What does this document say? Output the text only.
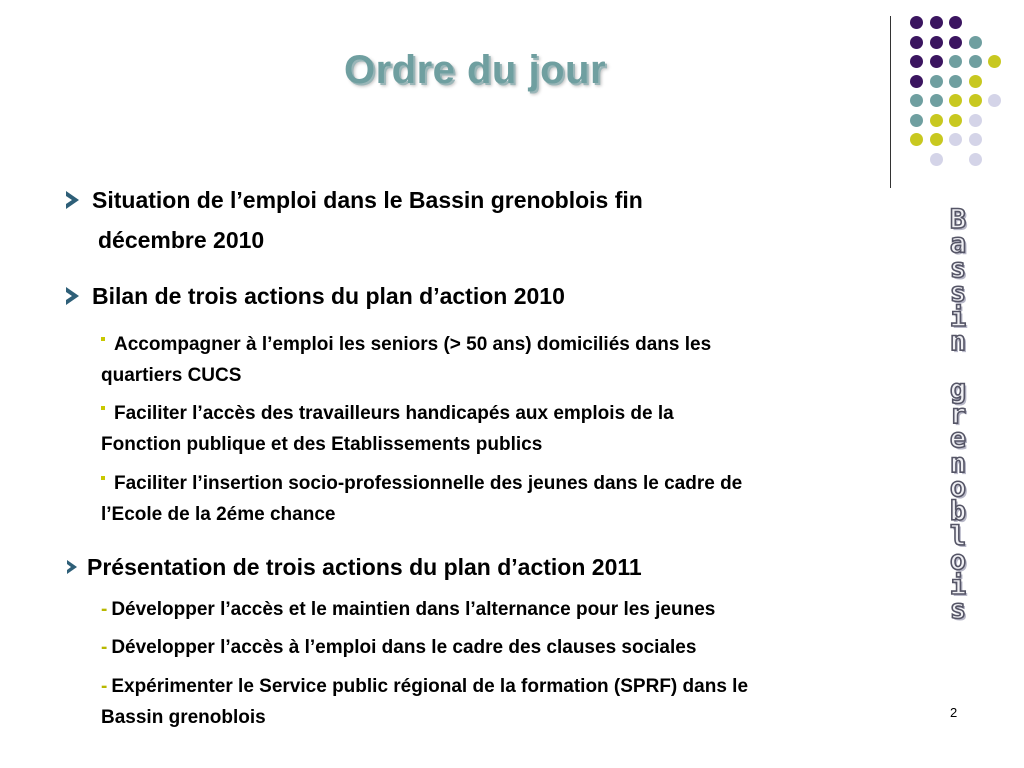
Ordre du jour
B
a
s
s
i
n
g
r
e
n
o
b
l
o
i
s
Situation de l’emploi dans le Bassin grenoblois fin
décembre 2010
Bilan de trois actions du plan d’action 2010
Accompagner à l’emploi les seniors (> 50 ans) domiciliés dans les
quartiers CUCS
Faciliter l’accès des travailleurs handicapés aux emplois de la
Fonction publique et des Etablissements publics
Faciliter l’insertion socio-professionnelle des jeunes dans le cadre de
l’Ecole de la 2éme chance
Présentation de trois actions du plan d’action 2011
- Développer l’accès et le maintien dans l’alternance pour les jeunes
- Développer l’accès à l’emploi dans le cadre des clauses sociales
- Expérimenter le Service public régional de la formation (SPRF) dans le
Bassin grenoblois	2
